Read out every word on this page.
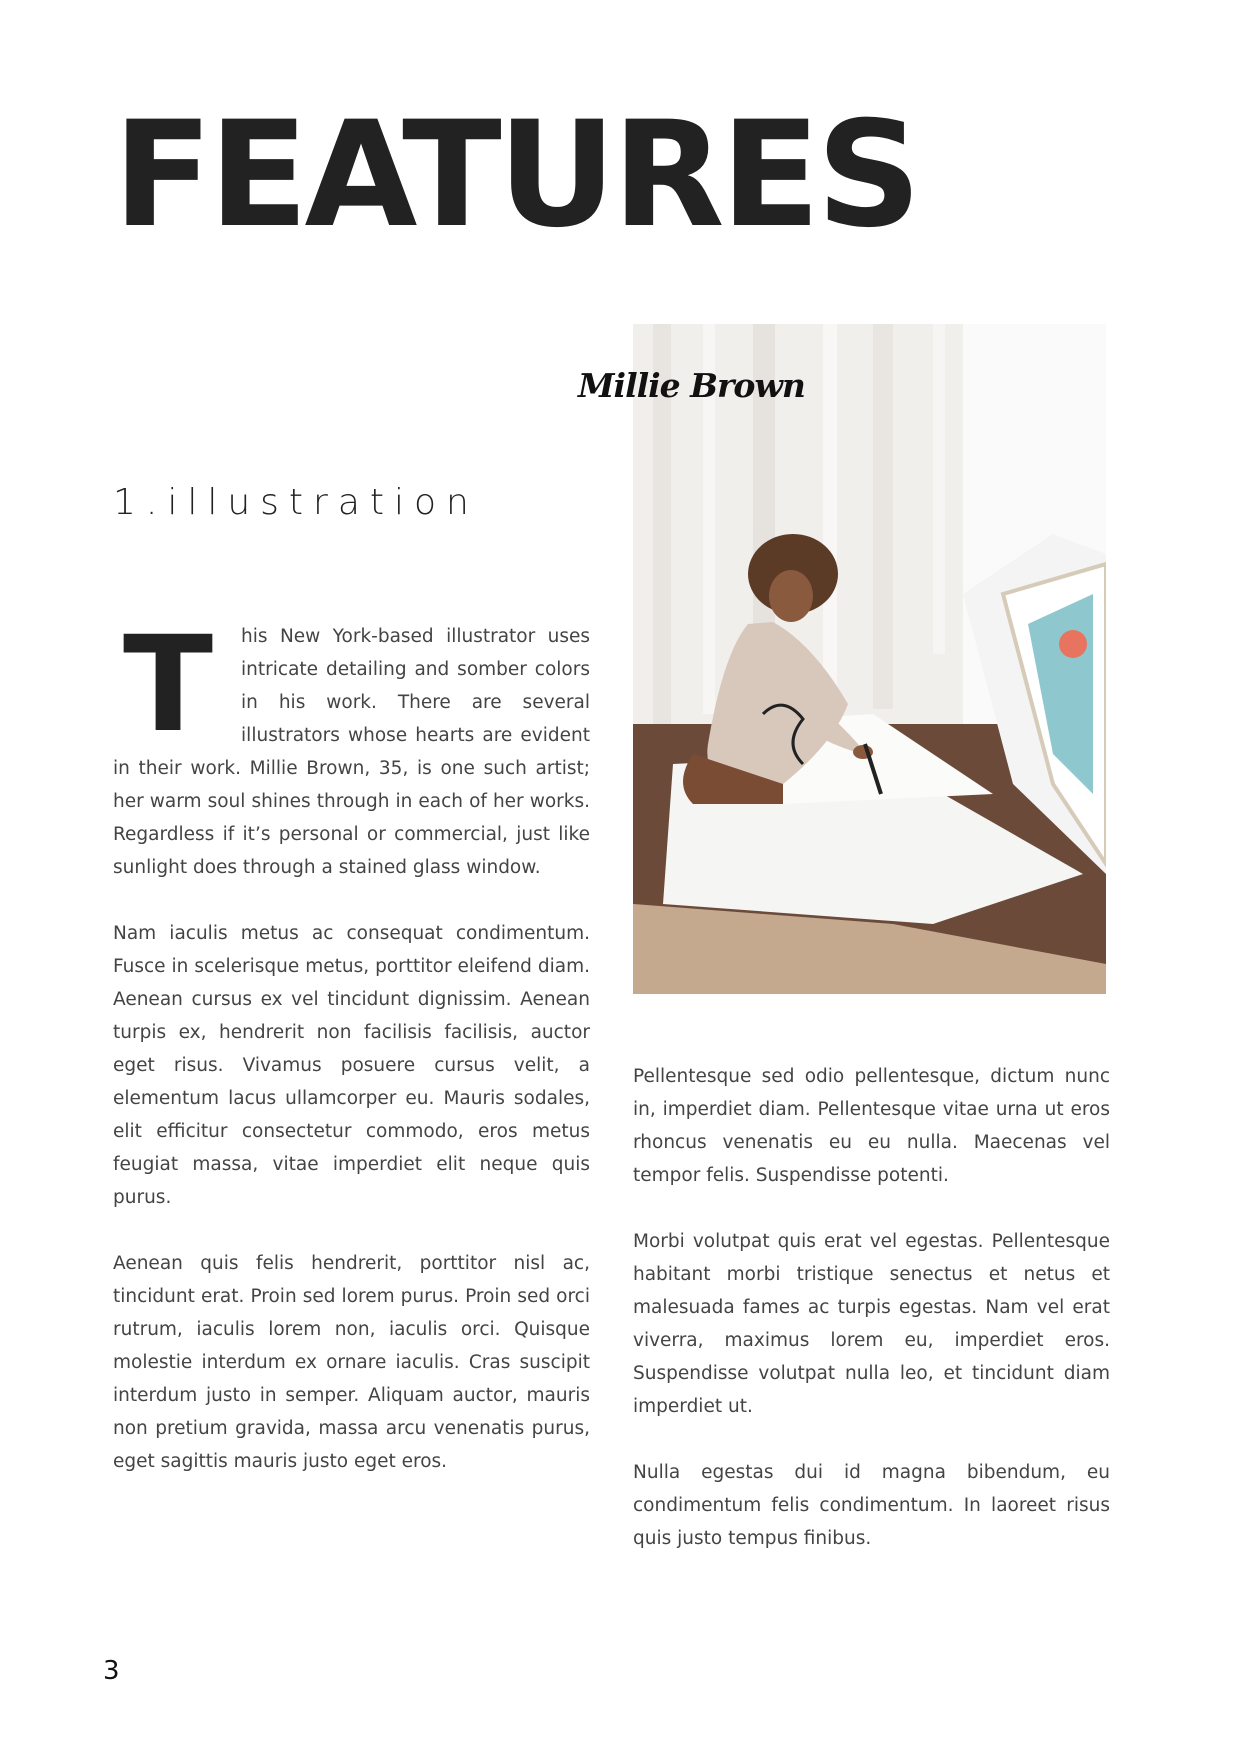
FEATURES
Millie Brown
1.illustration

T his New York-based illustrator uses intricate detailing and somber colors in his work. There are several illustrators whose hearts are evident in their work. Millie Brown, 35, is one such artist; her warm soul shines through in each of her works. Regardless if it’s personal or commercial, just like sunlight does through a stained glass window.

Nam iaculis metus ac consequat condimentum. Fusce in scelerisque metus, porttitor eleifend diam. Aenean cursus ex vel tincidunt dignissim. Aenean turpis ex, hendrerit non facilisis facilisis, auctor eget risus. Vivamus posuere cursus velit, a elementum lacus ullamcorper eu. Mauris sodales, elit efficitur consectetur commodo, eros metus feugiat massa, vitae imperdiet elit neque quis purus.

Aenean quis felis hendrerit, porttitor nisl ac, tincidunt erat. Proin sed lorem purus. Proin sed orci rutrum, iaculis lorem non, iaculis orci. Quisque molestie interdum ex ornare iaculis. Cras suscipit interdum justo in semper. Aliquam auctor, mauris non pretium gravida, massa arcu venenatis purus, eget sagittis mauris justo eget eros.

Pellentesque sed odio pellentesque, dictum nunc in, imperdiet diam. Pellentesque vitae urna ut eros rhoncus venenatis eu eu nulla. Maecenas vel tempor felis. Suspendisse potenti.

Morbi volutpat quis erat vel egestas. Pellentesque habitant morbi tristique senectus et netus et malesuada fames ac turpis egestas. Nam vel erat viverra, maximus lorem eu, imperdiet eros. Suspendisse volutpat nulla leo, et tincidunt diam imperdiet ut.

Nulla egestas dui id magna bibendum, eu condimentum felis condimentum. In laoreet risus quis justo tempus finibus.

3
